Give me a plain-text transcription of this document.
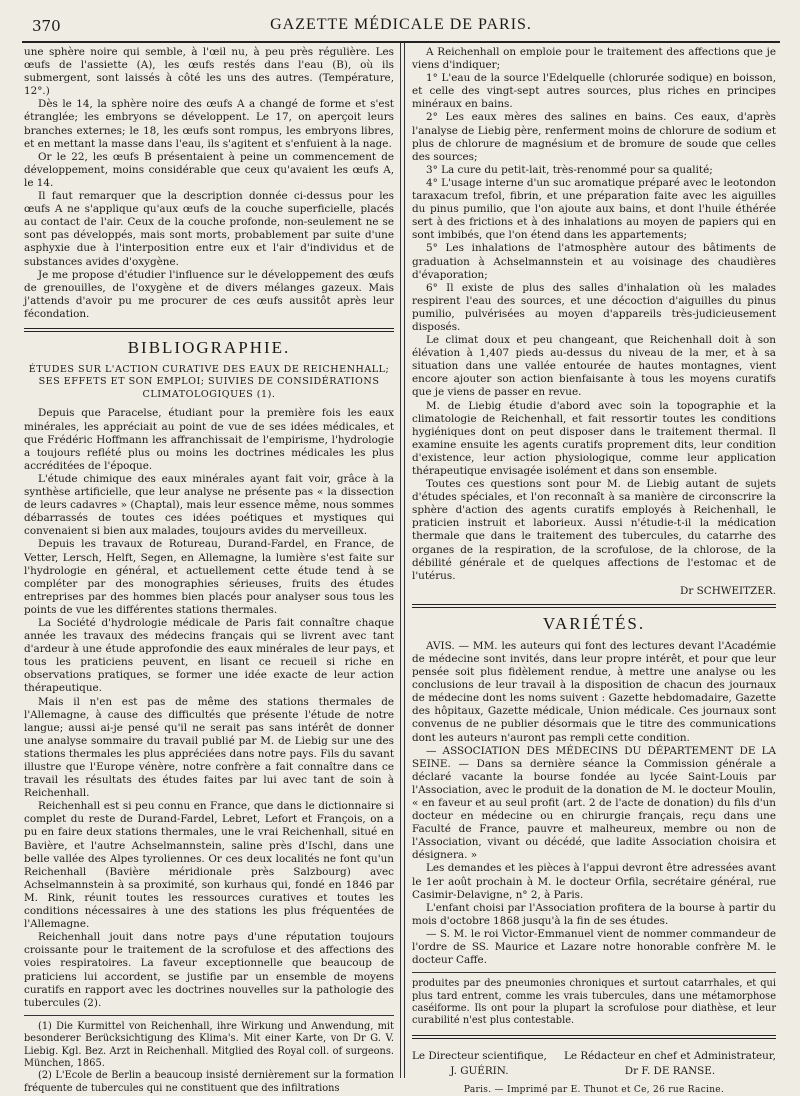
370	GAZETTE MÉDICALE DE PARIS.

une sphère noire qui semble, à l'œil nu, à peu près régulière. Les œufs de l'assiette (A), les œufs restés dans l'eau (B), où ils submergent, sont laissés à côté les uns des autres. (Température, 12°.)

Dès le 14, la sphère noire des œufs A a changé de forme et s'est étranglée; les embryons se développent. Le 17, on aperçoit leurs branches externes; le 18, les œufs sont rompus, les embryons libres, et en mettant la masse dans l'eau, ils s'agitent et s'enfuient à la nage.

Or le 22, les œufs B présentaient à peine un commencement de développement, moins considérable que ceux qu'avaient les œufs A, le 14.

Il faut remarquer que la description donnée ci-dessus pour les œufs A ne s'applique qu'aux œufs de la couche superficielle, placés au contact de l'air. Ceux de la couche profonde, non-seulement ne se sont pas développés, mais sont morts, probablement par suite d'une asphyxie due à l'interposition entre eux et l'air d'individus et de substances avides d'oxygène.

Je me propose d'étudier l'influence sur le développement des œufs de grenouilles, de l'oxygène et de divers mélanges gazeux. Mais j'attends d'avoir pu me procurer de ces œufs aussitôt après leur fécondation.

BIBLIOGRAPHIE.
ÉTUDES SUR L'ACTION CURATIVE DES EAUX DE REICHENHALL; SES EFFETS ET SON EMPLOI; SUIVIES DE CONSIDÉRATIONS CLIMATOLOGIQUES (1).

Depuis que Paracelse, étudiant pour la première fois les eaux minérales, les appréciait au point de vue de ses idées médicales, et que Frédéric Hoffmann les affranchissait de l'empirisme, l'hydrologie a toujours reflété plus ou moins les doctrines médicales les plus accréditées de l'époque.

L'étude chimique des eaux minérales ayant fait voir, grâce à la synthèse artificielle, que leur analyse ne présente pas « la dissection de leurs cadavres » (Chaptal), mais leur essence même, nous sommes débarrassés de toutes ces idées poétiques et mystiques qui convenaient si bien aux malades, toujours avides du merveilleux.

Depuis les travaux de Rotureau, Durand-Fardel, en France, de Vetter, Lersch, Helft, Segen, en Allemagne, la lumière s'est faite sur l'hydrologie en général, et actuellement cette étude tend à se compléter par des monographies sérieuses, fruits des études entreprises par des hommes bien placés pour analyser sous tous les points de vue les différentes stations thermales.

La Société d'hydrologie médicale de Paris fait connaître chaque année les travaux des médecins français qui se livrent avec tant d'ardeur à une étude approfondie des eaux minérales de leur pays, et tous les praticiens peuvent, en lisant ce recueil si riche en observations pratiques, se former une idée exacte de leur action thérapeutique.

Mais il n'en est pas de même des stations thermales de l'Allemagne, à cause des difficultés que présente l'étude de notre langue; aussi ai-je pensé qu'il ne serait pas sans intérêt de donner une analyse sommaire du travail publié par M. de Liebig sur une des stations thermales les plus appréciées dans notre pays. Fils du savant illustre que l'Europe vénère, notre confrère a fait connaître dans ce travail les résultats des études faites par lui avec tant de soin à Reichenhall.

Reichenhall est si peu connu en France, que dans le dictionnaire si complet du reste de Durand-Fardel, Lebret, Lefort et François, on a pu en faire deux stations thermales, une le vrai Reichenhall, situé en Bavière, et l'autre Achselmannstein, saline près d'Ischl, dans une belle vallée des Alpes tyroliennes. Or ces deux localités ne font qu'un Reichenhall (Bavière méridionale près Salzbourg) avec Achselmannstein à sa proximité, son kurhaus qui, fondé en 1846 par M. Rink, réunit toutes les ressources curatives et toutes les conditions nécessaires à une des stations les plus fréquentées de l'Allemagne.

Reichenhall jouit dans notre pays d'une réputation toujours croissante pour le traitement de la scrofulose et des affections des voies respiratoires. La faveur exceptionnelle que beaucoup de praticiens lui accordent, se justifie par un ensemble de moyens curatifs en rapport avec les doctrines nouvelles sur la pathologie des tubercules (2).

(1) Die Kurmittel von Reichenhall, ihre Wirkung und Anwendung, mit besonderer Berücksichtigung des Klima's. Mit einer Karte, von Dr G. V. Liebig. Kgl. Bez. Arzt in Reichenhall. Mitglied des Royal coll. of surgeons. München, 1865.

(2) L'Ecole de Berlin a beaucoup insisté dernièrement sur la formation fréquente de tubercules qui ne constituent que des infiltrations

A Reichenhall on emploie pour le traitement des affections que je viens d'indiquer;

1° L'eau de la source l'Edelquelle (chlorurée sodique) en boisson, et celle des vingt-sept autres sources, plus riches en principes minéraux en bains.

2° Les eaux mères des salines en bains. Ces eaux, d'après l'analyse de Liebig père, renferment moins de chlorure de sodium et plus de chlorure de magnésium et de bromure de soude que celles des sources;

3° La cure du petit-lait, très-renommé pour sa qualité;

4° L'usage interne d'un suc aromatique préparé avec le leotondon taraxacum trefol, fibrin, et une préparation faite avec les aiguilles du pinus pumilio, que l'on ajoute aux bains, et dont l'huile éthérée sert à des frictions et à des inhalations au moyen de papiers qui en sont imbibés, que l'on étend dans les appartements;

5° Les inhalations de l'atmosphère autour des bâtiments de graduation à Achselmannstein et au voisinage des chaudières d'évaporation;

6° Il existe de plus des salles d'inhalation où les malades respirent l'eau des sources, et une décoction d'aiguilles du pinus pumilio, pulvérisées au moyen d'appareils très-judicieusement disposés.

Le climat doux et peu changeant, que Reichenhall doit à son élévation à 1,407 pieds au-dessus du niveau de la mer, et à sa situation dans une vallée entourée de hautes montagnes, vient encore ajouter son action bienfaisante à tous les moyens curatifs que je viens de passer en revue.

M. de Liebig étudie d'abord avec soin la topographie et la climatologie de Reichenhall, et fait ressortir toutes les conditions hygiéniques dont on peut disposer dans le traitement thermal. Il examine ensuite les agents curatifs proprement dits, leur condition d'existence, leur action physiologique, comme leur application thérapeutique envisagée isolément et dans son ensemble.

Toutes ces questions sont pour M. de Liebig autant de sujets d'études spéciales, et l'on reconnaît à sa manière de circonscrire la sphère d'action des agents curatifs employés à Reichenhall, le praticien instruit et laborieux. Aussi n'étudie-t-il la médication thermale que dans le traitement des tubercules, du catarrhe des organes de la respiration, de la scrofulose, de la chlorose, de la débilité générale et de quelques affections de l'estomac et de l'utérus.

Dr SCHWEITZER.
VARIÉTÉS.

AVIS. — MM. les auteurs qui font des lectures devant l'Académie de médecine sont invités, dans leur propre intérêt, et pour que leur pensée soit plus fidèlement rendue, à mettre une analyse ou les conclusions de leur travail à la disposition de chacun des journaux de médecine dont les noms suivent : Gazette hebdomadaire, Gazette des hôpitaux, Gazette médicale, Union médicale. Ces journaux sont convenus de ne publier désormais que le titre des communications dont les auteurs n'auront pas rempli cette condition.

— ASSOCIATION DES MÉDECINS DU DÉPARTEMENT DE LA SEINE. — Dans sa dernière séance la Commission générale a déclaré vacante la bourse fondée au lycée Saint-Louis par l'Association, avec le produit de la donation de M. le docteur Moulin, « en faveur et au seul profit (art. 2 de l'acte de donation) du fils d'un docteur en médecine ou en chirurgie français, reçu dans une Faculté de France, pauvre et malheureux, membre ou non de l'Association, vivant ou décédé, que ladite Association choisira et désignera. »

Les demandes et les pièces à l'appui devront être adressées avant le 1er août prochain à M. le docteur Orfila, secrétaire général, rue Casimir-Delavigne, n° 2, à Paris.

L'enfant choisi par l'Association profitera de la bourse à partir du mois d'octobre 1868 jusqu'à la fin de ses études.

— S. M. le roi Victor-Emmanuel vient de nommer commandeur de l'ordre de SS. Maurice et Lazare notre honorable confrère M. le docteur Caffe.

produites par des pneumonies chroniques et surtout catarrhales, et qui plus tard entrent, comme les vrais tubercules, dans une métamorphose caséiforme. Ils ont pour la plupart la scrofulose pour diathèse, et leur curabilité n'est plus contestable.

Le Directeur scientifique,
J. GUÉRIN.
Le Rédacteur en chef et Administrateur,
Dr F. DE RANSE.
Paris. — Imprimé par E. Thunot et Ce, 26 rue Racine.
